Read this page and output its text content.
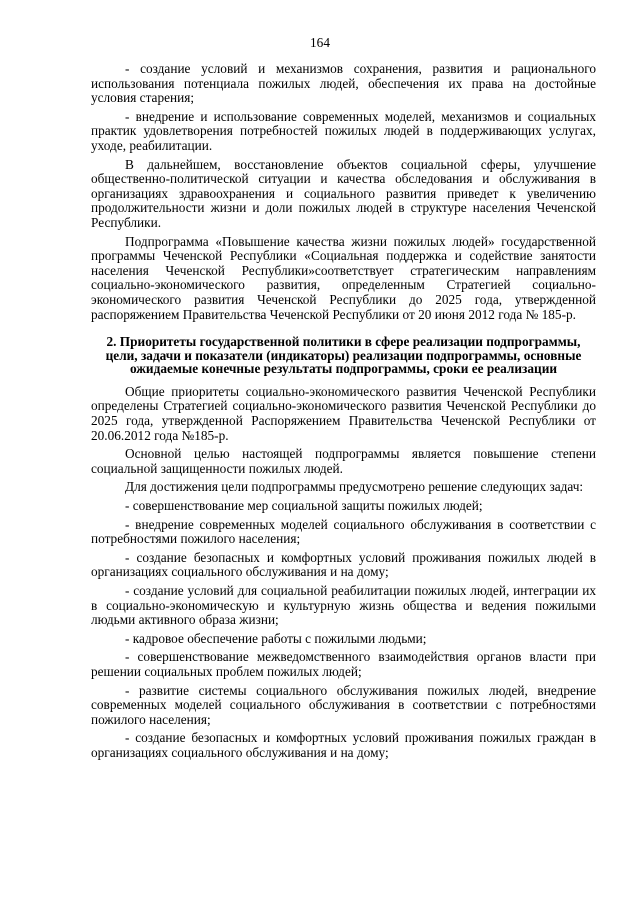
164

- создание условий и механизмов сохранения, развития и рационального использования потенциала пожилых людей, обеспечения их права на достойные условия старения;

- внедрение и использование современных моделей, механизмов и социальных практик удовлетворения потребностей пожилых людей в поддерживающих услугах, уходе, реабилитации.

В дальнейшем, восстановление объектов социальной сферы, улучшение общественно-политической ситуации и качества обследования и обслуживания в организациях здравоохранения и социального развития приведет к увеличению продолжительности жизни и доли пожилых людей в структуре населения Чеченской Республики.

Подпрограмма «Повышение качества жизни пожилых людей» государственной программы Чеченской Республики «Социальная поддержка и содействие занятости населения Чеченской Республики»соответствует стратегическим направлениям социально-экономического развития, определенным Стратегией социально-экономического развития Чеченской Республики до 2025 года, утвержденной распоряжением Правительства Чеченской Республики от 20 июня 2012 года № 185-р.

2. Приоритеты государственной политики в сфере реализации подпрограммы, цели, задачи и показатели (индикаторы) реализации подпрограммы, основные ожидаемые конечные результаты подпрограммы, сроки ее реализации

Общие приоритеты социально-экономического развития Чеченской Республики определены Стратегией социально-экономического развития Чеченской Республики до 2025 года, утвержденной Распоряжением Правительства Чеченской Республики от 20.06.2012 года №185-р.

Основной целью настоящей подпрограммы является повышение степени социальной защищенности пожилых людей.

Для достижения цели подпрограммы предусмотрено решение следующих задач:

- совершенствование мер социальной защиты пожилых людей;

- внедрение современных моделей социального обслуживания в соответствии с потребностями пожилого населения;

- создание безопасных и комфортных условий проживания пожилых людей в организациях социального обслуживания и на дому;

- создание условий для социальной реабилитации пожилых людей, интеграции их в социально-экономическую и культурную жизнь общества и ведения пожилыми людьми активного образа жизни;

- кадровое обеспечение работы с пожилыми людьми;

- совершенствование межведомственного взаимодействия органов власти при решении социальных проблем пожилых людей;

- развитие системы социального обслуживания пожилых людей, внедрение современных моделей социального обслуживания в соответствии с потребностями пожилого населения;

- создание безопасных и комфортных условий проживания пожилых граждан в организациях социального обслуживания и на дому;
